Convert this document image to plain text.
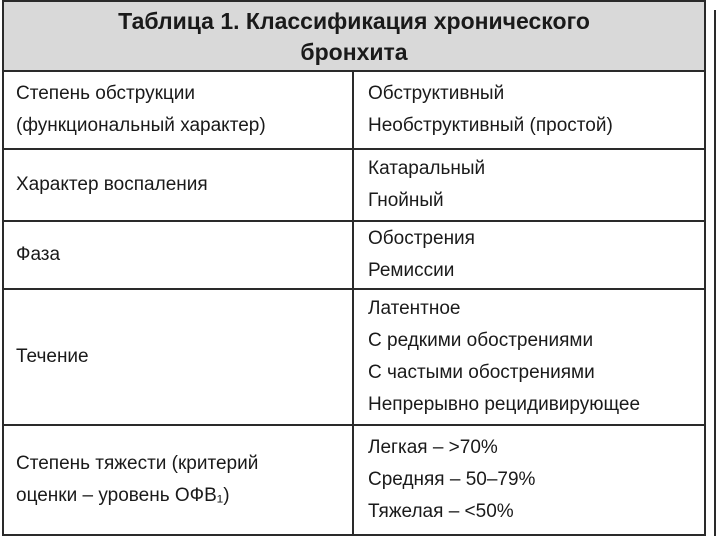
Таблица 1. Классификация хронического
бронхита
Степень обструкции
(функциональный характер)
Обструктивный
Необструктивный (простой)
Характер воспаления
Катаральный
Гнойный
Фаза
Обострения
Ремиссии
Течение
Латентное
С редкими обострениями
С частыми обострениями
Непрерывно рецидивирующее
Степень тяжести (критерий
оценки – уровень ОФВ₁)
Легкая – >70%
Средняя – 50–79%
Тяжелая – <50%
